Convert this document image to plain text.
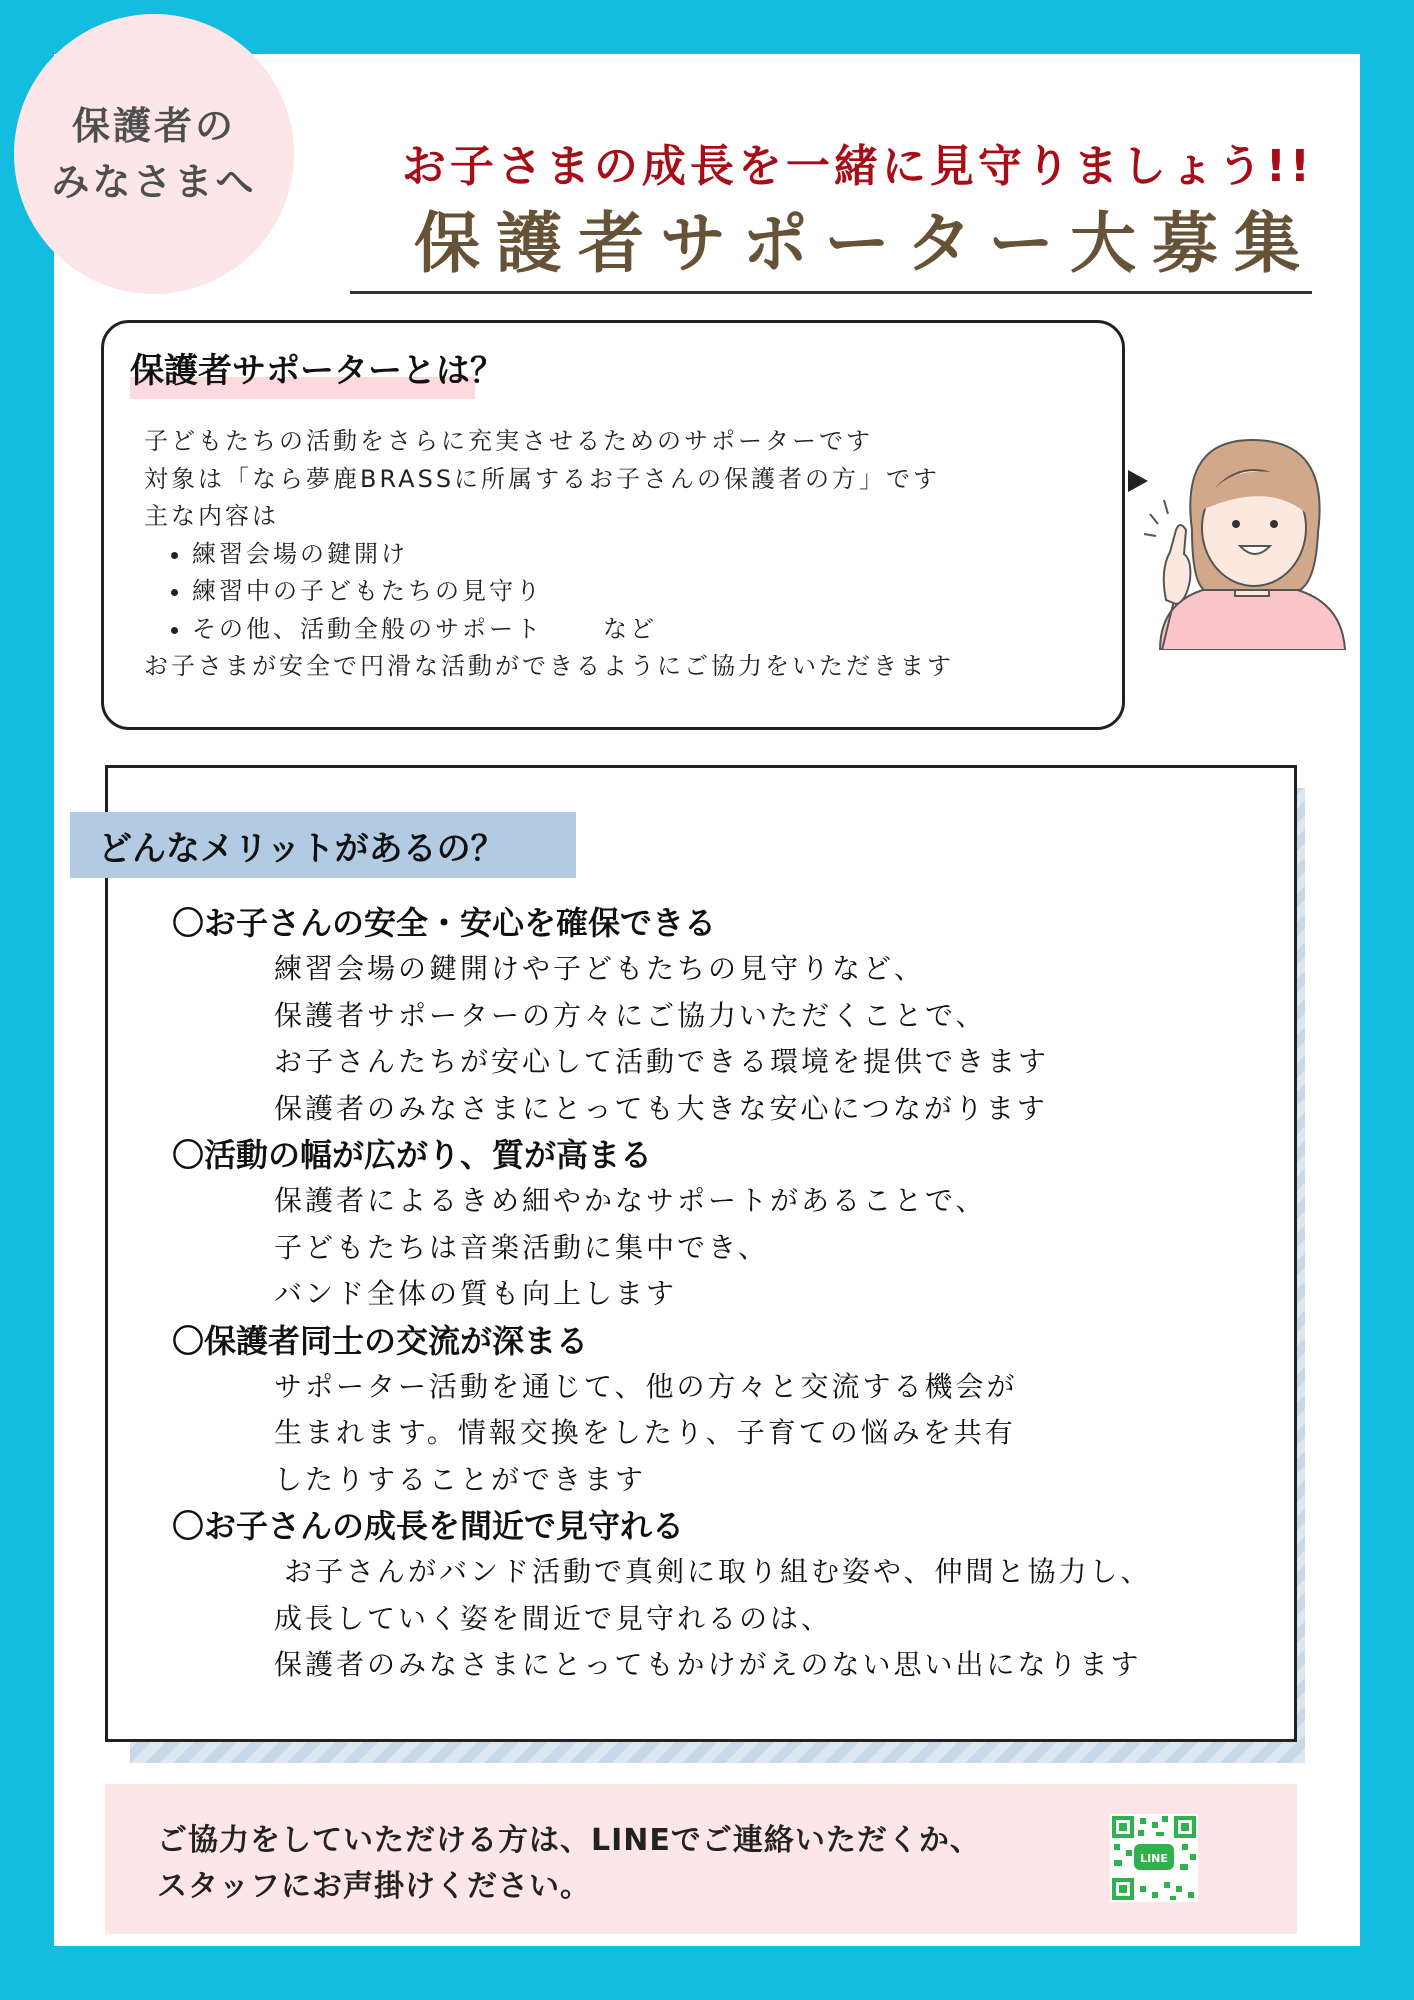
保護者の
みなさまへ	お子さまの成長を一緒に見守りましょう!!
保護者サポーター大募集
保護者サポーターとは？
子どもたちの活動をさらに充実させるためのサポーターです
対象は「なら夢鹿BRASSに所属するお子さんの保護者の方」です
主な内容は
• 練習会場の鍵開け
• 練習中の子どもたちの見守り
• その他、活動全般のサポート	など
お子さまが安全で円滑な活動ができるようにご協力をいただきます
どんなメリットがあるの？
〇お子さんの安全・安心を確保できる

練習会場の鍵開けや子どもたちの見守りなど、

保護者サポーターの方々にご協力いただくことで、

お子さんたちが安心して活動できる環境を提供できます

保護者のみなさまにとっても大きな安心につながります

〇活動の幅が広がり、質が高まる

保護者によるきめ細やかなサポートがあることで、

子どもたちは音楽活動に集中でき、

バンド全体の質も向上します

〇保護者同士の交流が深まる

サポーター活動を通じて、他の方々と交流する機会が

生まれます。情報交換をしたり、子育ての悩みを共有

したりすることができます

〇お子さんの成長を間近で見守れる

お子さんがバンド活動で真剣に取り組む姿や、仲間と協力し、

成長していく姿を間近で見守れるのは、

保護者のみなさまにとってもかけがえのない思い出になります

ご協力をしていただける方は、LINEでご連絡いただくか、
スタッフにお声掛けください。
LINE
